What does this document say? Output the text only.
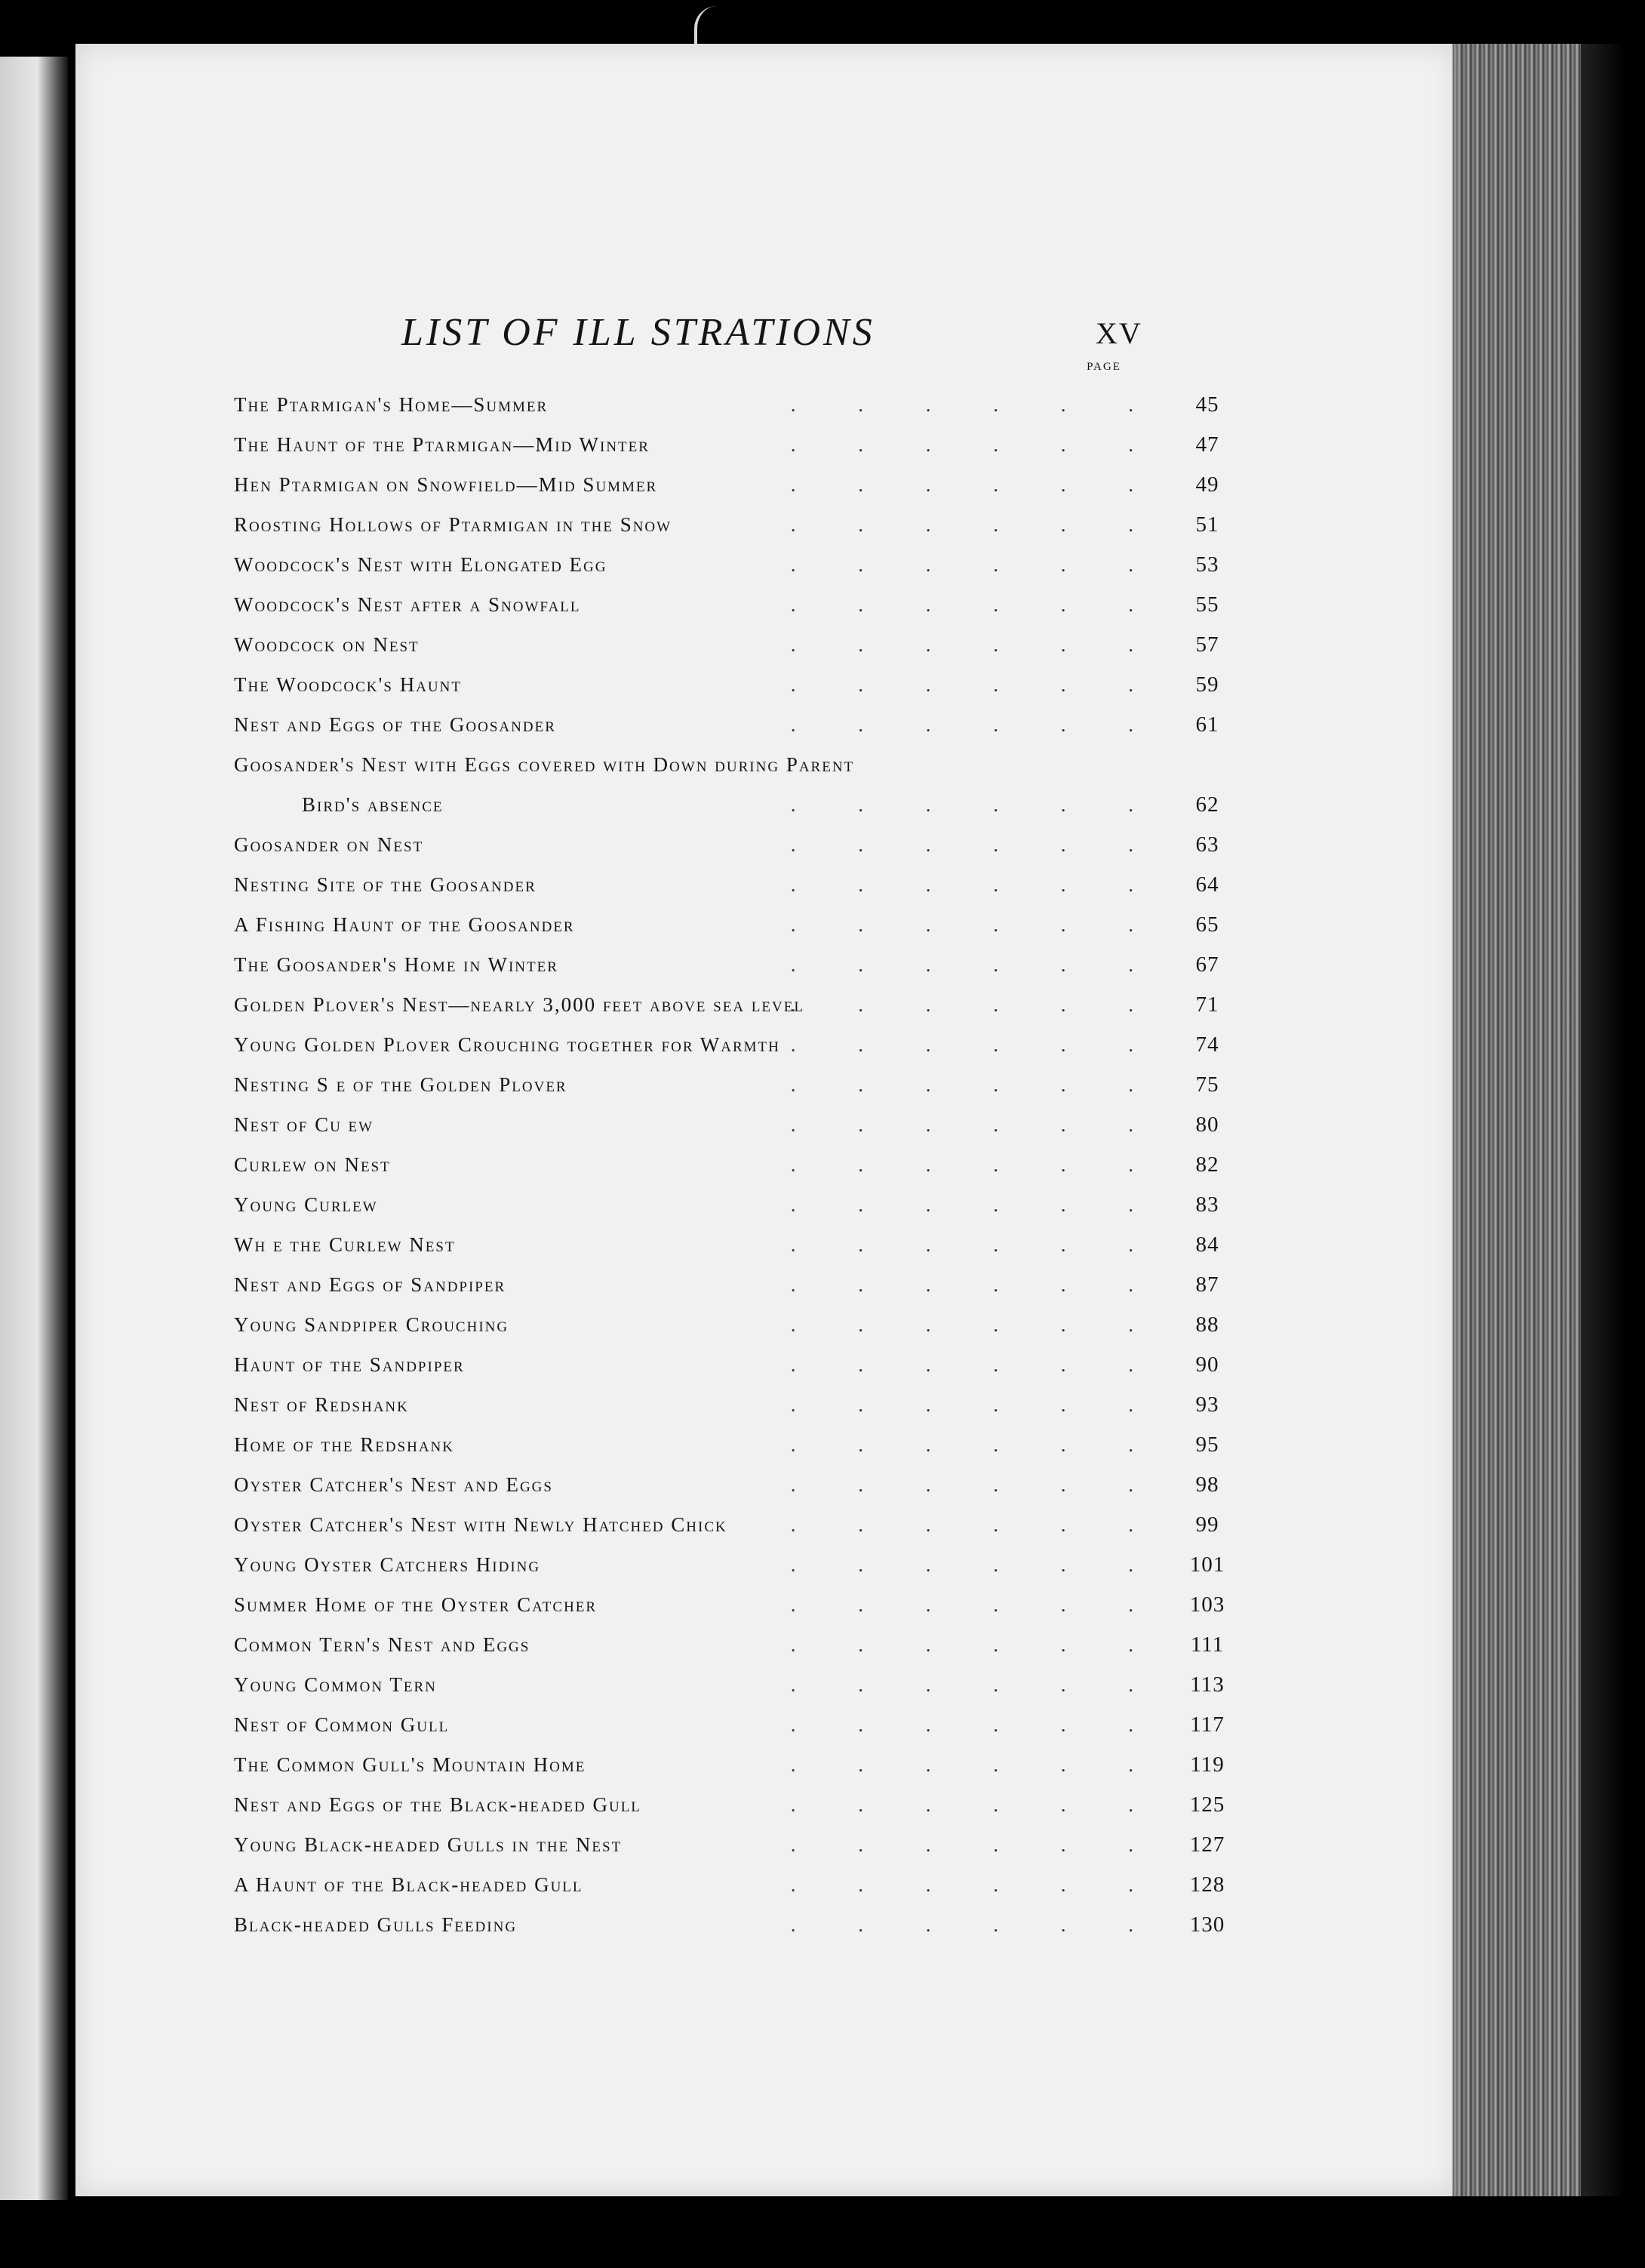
LIST OF ILL STRATIONS	XV
PAGE
The Ptarmigan's Home—Summer	. . . . . .	45
The Haunt of the Ptarmigan—Mid Winter	. . . . . .	47
Hen Ptarmigan on Snowfield—Mid Summer	. . . . . .	49
Roosting Hollows of Ptarmigan in the Snow	. . . . . .	51
Woodcock's Nest with Elongated Egg	. . . . . .	53
Woodcock's Nest after a Snowfall	. . . . . .	55
Woodcock on Nest	. . . . . .	57
The Woodcock's Haunt	. . . . . .	59
Nest and Eggs of the Goosander	. . . . . .	61
Goosander's Nest with Eggs covered with Down during Parent
Bird's absence	. . . . . .	62
Goosander on Nest	. . . . . .	63
Nesting Site of the Goosander	. . . . . .	64
A Fishing Haunt of the Goosander	. . . . . .	65
The Goosander's Home in Winter	. . . . . .	67
Golden Plover's Nest—nearly 3,000 feet above sea level
. . . . . .	71
Young Golden Plover Crouching together for Warmth . . . . . .	74
Nesting S e of the Golden Plover	. . . . . .	75
Nest of Cu ew	. . . . . .	80
Curlew on Nest	. . . . . .	82
Young Curlew	. . . . . .	83
Wh e the Curlew Nest	. . . . . .	84
Nest and Eggs of Sandpiper	. . . . . .	87
Young Sandpiper Crouching	. . . . . .	88
Haunt of the Sandpiper	. . . . . .	90
Nest of Redshank	. . . . . .	93
Home of the Redshank	. . . . . .	95
Oyster Catcher's Nest and Eggs	. . . . . .	98
Oyster Catcher's Nest with Newly Hatched Chick	. . . . . .	99
Young Oyster Catchers Hiding	. . . . . .	101
Summer Home of the Oyster Catcher	. . . . . .	103
Common Tern's Nest and Eggs	. . . . . .	111
Young Common Tern	. . . . . .	113
Nest of Common Gull	. . . . . .	117
The Common Gull's Mountain Home	. . . . . .	119
Nest and Eggs of the Black-headed Gull	. . . . . .	125
Young Black-headed Gulls in the Nest	. . . . . .	127
A Haunt of the Black-headed Gull	. . . . . .	128
Black-headed Gulls Feeding	. . . . . .	130
